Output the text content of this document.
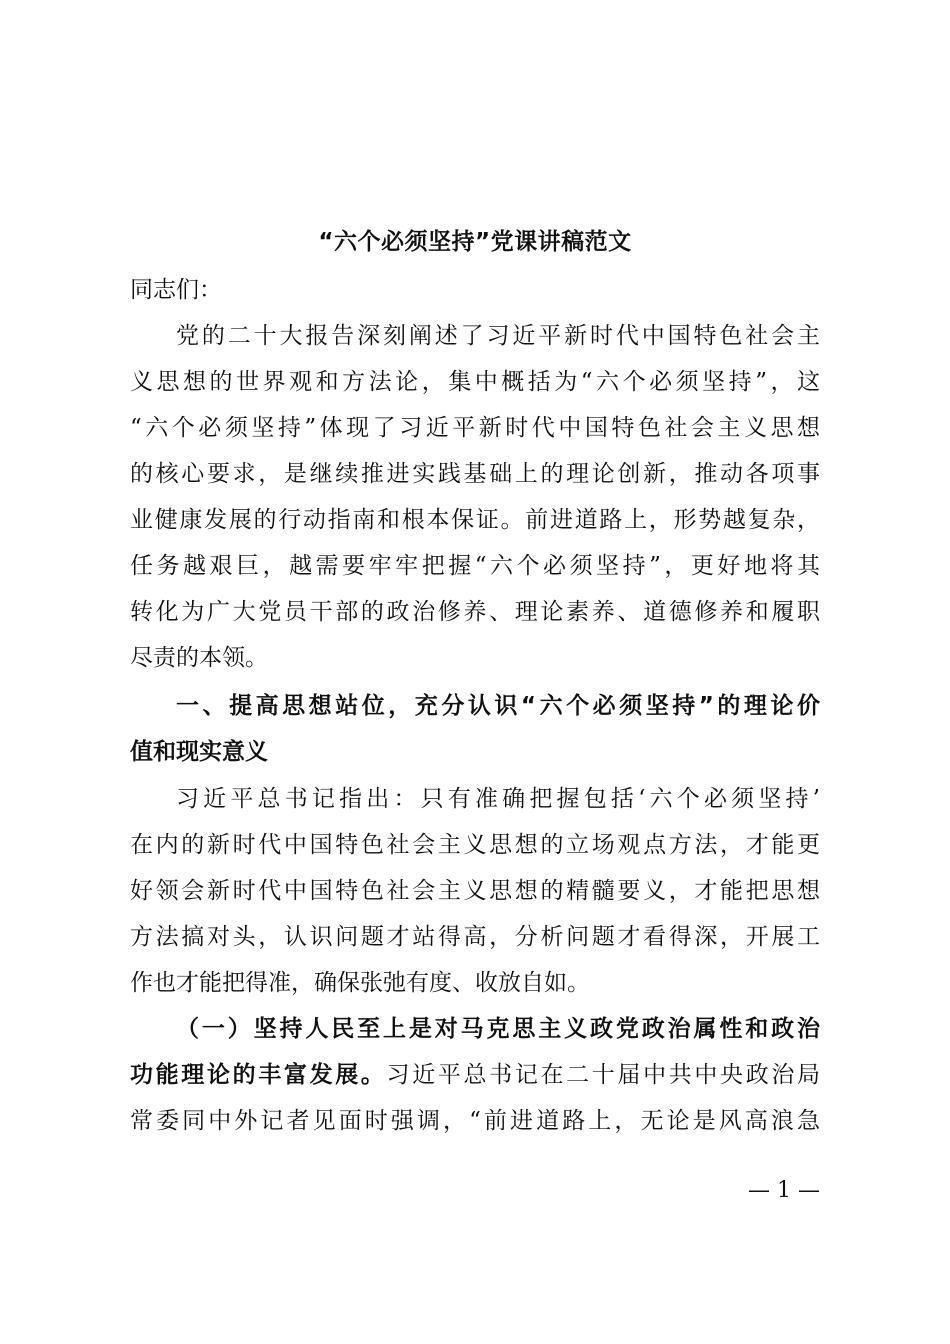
“六个必须坚持”党课讲稿范文
同志们：
党的二十大报告深刻阐述了习近平新时代中国特色社会主
义思想的世界观和方法论，集中概括为“六个必须坚持”，这
“六个必须坚持”体现了习近平新时代中国特色社会主义思想
的核心要求，是继续推进实践基础上的理论创新，推动各项事
业健康发展的行动指南和根本保证。前进道路上，形势越复杂，
任务越艰巨，越需要牢牢把握“六个必须坚持”，更好地将其
转化为广大党员干部的政治修养、理论素养、道德修养和履职
尽责的本领。
一、提高思想站位，充分认识“六个必须坚持”的理论价
值和现实意义
习近平总书记指出：只有准确把握包括‘六个必须坚持’
在内的新时代中国特色社会主义思想的立场观点方法，才能更
好领会新时代中国特色社会主义思想的精髓要义，才能把思想
方法搞对头，认识问题才站得高，分析问题才看得深，开展工
作也才能把得准，确保张弛有度、收放自如。
（一）坚持人民至上是对马克思主义政党政治属性和政治
功能理论的丰富发展。习近平总书记在二十届中共中央政治局
常委同中外记者见面时强调，“前进道路上，无论是风高浪急
— 1 —
